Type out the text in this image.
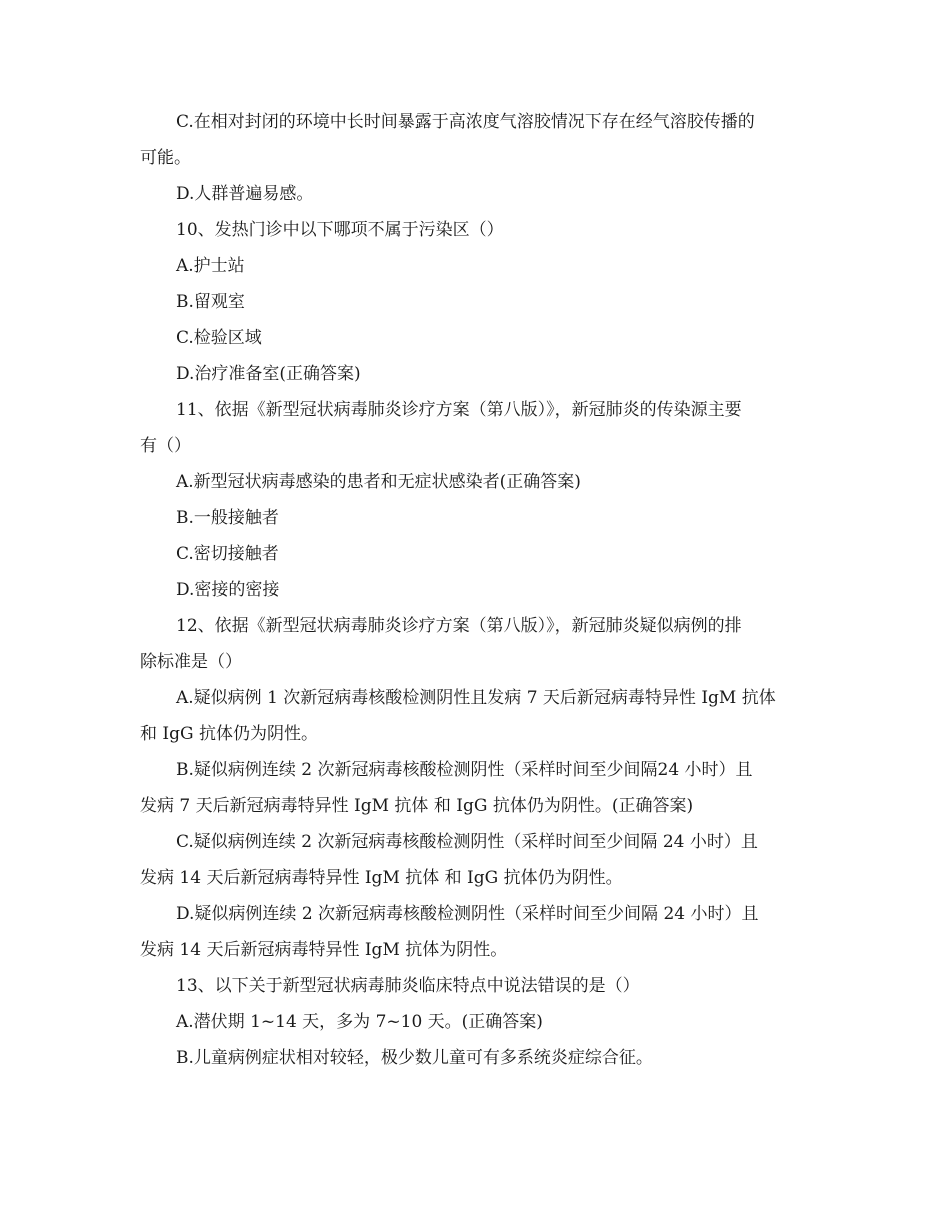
C.在相对封闭的环境中长时间暴露于高浓度气溶胶情况下存在经气溶胶传播的

可能。

D.人群普遍易感。

10、发热门诊中以下哪项不属于污染区（）

A.护士站

B.留观室

C.检验区域

D.治疗准备室(正确答案)

11、依据《新型冠状病毒肺炎诊疗方案（第八版）》，新冠肺炎的传染源主要

有（）

A.新型冠状病毒感染的患者和无症状感染者(正确答案)

B.一般接触者

C.密切接触者

D.密接的密接

12、依据《新型冠状病毒肺炎诊疗方案（第八版）》，新冠肺炎疑似病例的排

除标准是（）

A.疑似病例 1 次新冠病毒核酸检测阴性且发病 7 天后新冠病毒特异性 IgM 抗体

和 IgG 抗体仍为阴性。

B.疑似病例连续 2 次新冠病毒核酸检测阴性（采样时间至少间隔24 小时）且

发病 7 天后新冠病毒特异性 IgM 抗体 和 IgG 抗体仍为阴性。(正确答案)

C.疑似病例连续 2 次新冠病毒核酸检测阴性（采样时间至少间隔 24 小时）且

发病 14 天后新冠病毒特异性 IgM 抗体 和 IgG 抗体仍为阴性。

D.疑似病例连续 2 次新冠病毒核酸检测阴性（采样时间至少间隔 24 小时）且

发病 14 天后新冠病毒特异性 IgM 抗体为阴性。

13、以下关于新型冠状病毒肺炎临床特点中说法错误的是（）

A.潜伏期 1~14 天，多为 7~10 天。(正确答案)

B.儿童病例症状相对较轻，极少数儿童可有多系统炎症综合征。
